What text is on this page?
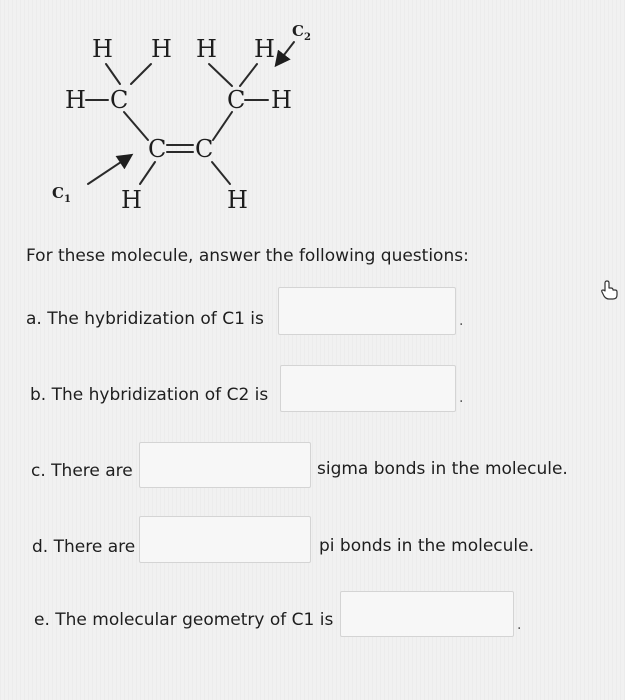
H H H H
H C	C H
C 2
C C
C 1 H	H
For these molecule, answer the following questions:
a. The hybridization of C1 is	.
b. The hybridization of C2 is	.
c. There are	sigma bonds in the molecule.
d. There are	pi bonds in the molecule.
e. The molecular geometry of C1 is	.
